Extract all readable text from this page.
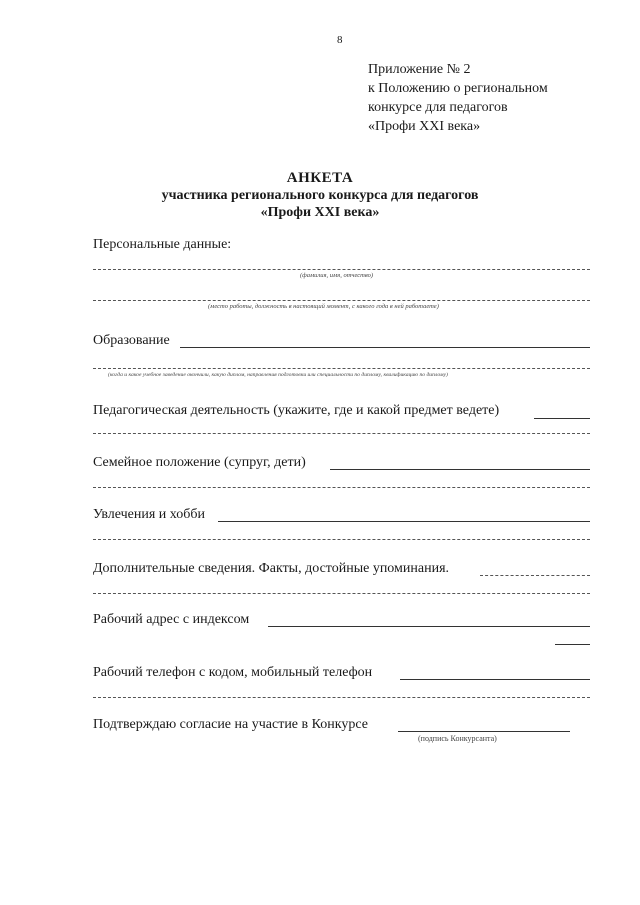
8
Приложение № 2
к Положению о региональном
конкурсе для педагогов
«Профи XXI века»
АНКЕТА
участника регионального конкурса для педагогов
«Профи XXI века»
Персональные данные:
(фамилия, имя, отчество)
(место работы, должность в настоящий момент, с какого года в ней работаете)
Образование
(когда и какое учебное заведение окончили, какую диплом, направления подготовки или специальности по диплому, квалификацию по диплому)
Педагогическая деятельность (укажите, где и какой предмет ведете)
Семейное положение (супруг, дети)
Увлечения и хобби
Дополнительные сведения. Факты, достойные упоминания.
Рабочий адрес с индексом
Рабочий телефон с кодом, мобильный телефон
Подтверждаю согласие на участие в Конкурсе
(подпись Конкурсанта)
